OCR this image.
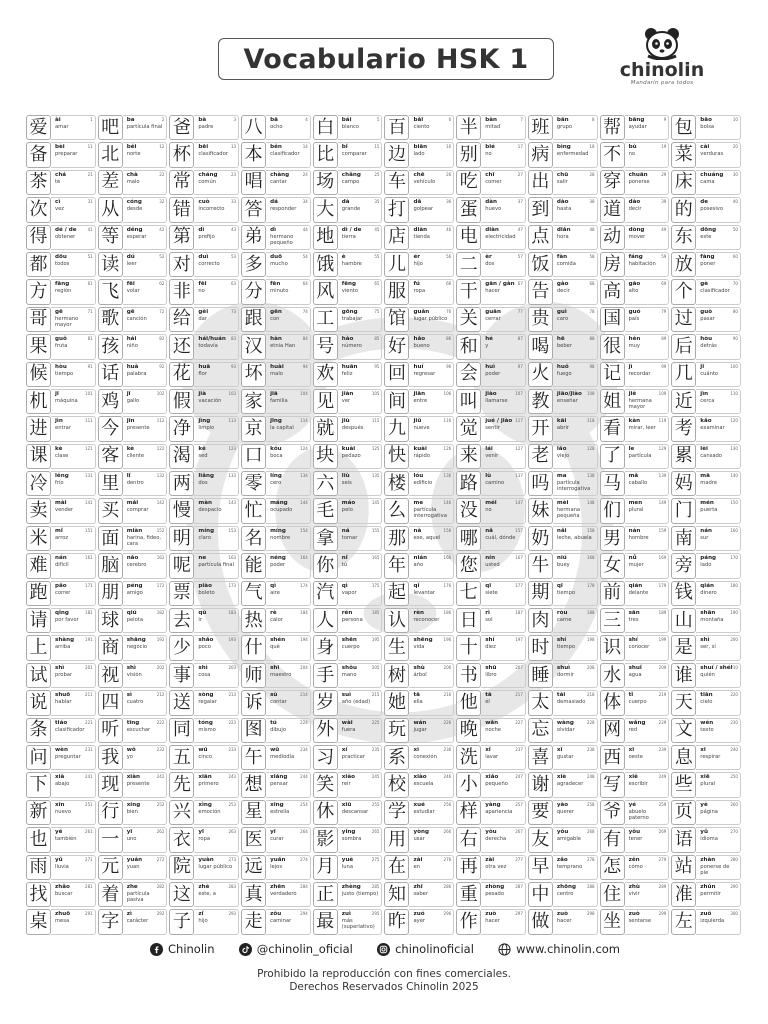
Vocabulario HSK 1	chinolin
Mandarín para todos
爱	ài
amar
1 吧	ba
partícula final
2 爸	bà
padre
3 八	bā
ocho
4 白	bái
blanco
5 百	bǎi
ciento
6 半	bàn
mitad
7 班	bān
grupo
8 帮	bāng
ayudar
9 包	bāo
bolsa
10
备	bèi
preparar
11 北	běi
norte
12 杯	bēi
clasificador
13 本	běn
clasificador
14 比	bǐ
comparar
15 边	biān
lado
16 别	bié
no
17 病	bìng
enfermedad
18 不	bù
no
19 菜	cài
verduras
20
茶	chá
té
21 差	chà
malo
22 常	cháng
común
23 唱	chàng
cantar
24 场	chǎng
campo
25 车	chē
vehículo
26 吃	chī
comer
27 出	chū
salir
28 穿	chuān
ponerse
29 床	chuáng
cama
30
次	cì
vez
31 从	cóng
desde
32 错	cuò
incorrecto
33 答	dá
responder
34 大	dà
grande
35 打	dǎ
golpear
36 蛋	dàn
huevo
37 到	dào
hasta
38 道	dào
decir
39 的	de
posesivo
40
得	dé / de
obtener
41 等	děng
esperar
42 第	dì
prefijo
43 弟	dì
hermano pequeño
44 地	dì / de
tierra
45 店	diàn
tienda
46 电	diàn
electricidad
47 点	diǎn
hora
48 动	dòng
mover
49 东	dōng
este
50
都	dōu
todos
51 读	dú
leer
52 对	duì
correcto
53 多	duō
mucho
54 饿	è
hambre
55 儿	ér
hijo
56 二	èr
dos
57 饭	fàn
comida
58 房	fáng
habitación
59 放	fàng
poner
60
方	fāng
región
61 飞	fēi
volar
62 非	fēi
no
63 分	fēn
minuto
64 风	fēng
viento
65 服	fú
ropa
66 干	gān / gàn
hacer
67 告	gào
decir
68 高	gāo
alto
69 个	gè
clasificador
70
哥	gē
hermano mayor
71 歌	gē
canción
72 给	gěi
dar
73 跟	gēn
con
74 工	gōng
trabajar
75 馆	guǎn
lugar público
76 关	guān
cerrar
77 贵	guì
caro
78 国	guó
país
79 过	guò
pasar
80
果	guǒ
fruta
81 孩	hái
niño
82 还	hái/huán
todavía
83 汉	hàn
etnia Han
84 号	hào
número
85 好	hǎo
bueno
86 和	hé
y
87 喝	hē
beber
88 很	hěn
muy
89 后	hòu
detrás
90
候	hòu
tiempo
91 话	huà
palabra
92 花	huā
flor
93 坏	huài
malo
94 欢	huān
feliz
95 回	huí
regresar
96 会	huì
poder
97 火	huǒ
fuego
98 记	jì
recordar
99 几	jǐ
cuánto
100
机	jī
máquina
101 鸡	jī
gallo
102 假	jià
vacación
103 家	jiā
familia
104 见	jiàn
ver
105 间	jiān
entre
106 叫	jiào
llamarse
107 教	jiāo/jiào
enseñar
108 姐	jiě
hermana mayor
109 近	jìn
cerca
110
进	jìn
entrar
111 今	jīn
presente
112 净	jìng
limpio
113 京	jīng
la capital
114 就	jiù
después
115 九	jiǔ
nueve
116 觉	jué / jiào
sentir
117 开	kāi
abrir
118 看	kàn
mirar, leer
119 考	kǎo
examinar
120
课	kè
clase
121 客	kè
cliente
122 渴	kě
sed
123 口	kǒu
boca
124 块	kuài
pedazo
125 快	kuài
rápido
126 来	lái
venir
127 老	lǎo
viejo
128 了	le
partícula
129 累	lèi
cansado
130
冷	lěng
frío
131 里	lǐ
dentro
132 两	liǎng
dos
133 零	líng
cero
134 六	liù
seis
135 楼	lóu
edificio
136 路	lù
camino
137 吗	ma
partícula interrogativa
138 马	mǎ
caballo
139 妈	mā
madre
140
卖	mài
vender
141 买	mǎi
comprar
142 慢	màn
despacio
143 忙	máng
ocupado
144 毛	máo
pelo
145 么	me
partícula interrogativa
146 没	méi
no
147 妹	mèi
hermana pequeña
148 们	men
plural
149 门	mén
puerta
150
米	mǐ
arroz
151 面	miàn
harina, fideo, cara
152 明	míng
claro
153 名	míng
nombre
154 拿	ná
tomar
155 那	nà
ese, aquel
156 哪	nǎ
cuál, dónde
157 奶	nǎi
leche, abuela
158 男	nán
hombre
159 南	nán
sur
160
难	nán
difícil
161 脑	nǎo
cerebro
162 呢	ne
partícula final
163 能	néng
poder
164 你	nǐ
tú
165 年	nián
año
166 您	nín
usted
167 牛	niú
buey
168 女	nǚ
mujer
169 旁	páng
lado
170
跑	pǎo
correr
171 朋	péng
amigo
172 票	piào
boleto
173 气	qì
aire
174 汽	qì
vapor
175 起	qǐ
levantar
176 七	qī
siete
177 期	qī
tiempo
178 前	qián
delante
179 钱	qián
dinero
180
请	qǐng
por favor
181 球	qiú
pelota
182 去	qù
ir
183 热	rè
calor
184 人	rén
persona
185 认	rèn
reconocer
186 日	rì
sol
187 肉	ròu
carne
188 三	sān
tres
189 山	shān
montaña
190
上	shàng
arriba
191 商	shāng
negocio
192 少	shǎo
poco
193 什	shén
qué
194 身	shēn
cuerpo
195 生	shēng
vida
196 十	shí
diez
197 时	shí
tiempo
198 识	shí
conocer
199 是	shì
ser, sí
200
试	shì
probar
201 视	shì
visión
202 事	shì
cosa
203 师	shī
maestro
204 手	shǒu
mano
205 树	shù
árbol
206 书	shū
libro
207 睡	shuì
dormir
208 水	shuǐ
agua
209 谁	shuí / shéi
quién
210
说	shuō
hablar
211 四	sì
cuatro
212 送	sòng
regalar
213 诉	sù
contar
214 岁	suì
año (edad)
215 她	tā
ella
216 他	tā
él
217 太	tài
demasiado
218 体	tǐ
cuerpo
219 天	tiān
cielo
220
条	tiáo
clasificador
221 听	tīng
escuchar
222 同	tóng
mismo
223 图	tú
dibujo
224 外	wài
fuera
225 玩	wán
jugar
226 晚	wǎn
noche
227 忘	wàng
olvidar
228 网	wǎng
red
229 文	wén
texto
230
问	wèn
preguntar
231 我	wǒ
yo
232 五	wǔ
cinco
233 午	wǔ
mediodía
234 习	xí
practicar
235 系	xì
conexión
236 洗	xǐ
lavar
237 喜	xǐ
gustar
238 西	xī
oeste
239 息	xī
respirar
240
下	xià
abajo
241 现	xiàn
presente
242 先	xiān
primero
243 想	xiǎng
pensar
244 笑	xiào
reír
245 校	xiào
escuela
246 小	xiǎo
pequeño
247 谢	xiè
agradecer
248 写	xiě
escribir
249 些	xiē
plural
250
新	xīn
nuevo
251 行	xíng
bien
252 兴	xìng
emoción
253 星	xīng
estrella
254 休	xiū
descansar
255 学	xué
estudiar
256 样	yàng
apariencia
257 要	yào
querer
258 爷	yé
abuelo paterno
259 页	yè
página
260
也	yě
también
261 一	yī
uno
262 衣	yī
ropa
263 医	yī
curar
264 影	yǐng
sombra
265 用	yòng
usar
266 右	yòu
derecha
267 友	yǒu
amigable
268 有	yǒu
tener
269 语	yǔ
idioma
270
雨	yǔ
lluvia
271 元	yuán
yuan
272 院	yuàn
lugar público
273 远	yuǎn
lejos
274 月	yuè
luna
275 在	zài
en
276 再	zài
otra vez
277 早	zǎo
temprano
278 怎	zěn
cómo
279 站	zhàn
ponerse de pie
280
找	zhǎo
buscar
281 着	zhe
partícula pasiva
282 这	zhè
este, a
283 真	zhēn
verdadero
284 正	zhèng
justo (tiempo)
285 知	zhī
saber
286 重	zhòng
pesado
287 中	zhōng
centro
288 住	zhù
vivir
289 准	zhǔn
permitir
290
桌	zhuō
mesa
291 字	zì
carácter
292 子	zǐ
hijo
293 走	zǒu
caminar
294 最	zuì
más (superlativo)
295 昨	zuó
ayer
296 作	zuò
hacer
297 做	zuò
hacer
298 坐	zuò
sentarse
299 左	zuǒ
izquierda
300
Chinolin	@chinolin_oficial	chinolinoficial	www.chinolin.com
Prohibido la reproducción con fines comerciales.
Derechos Reservados Chinolin 2025
